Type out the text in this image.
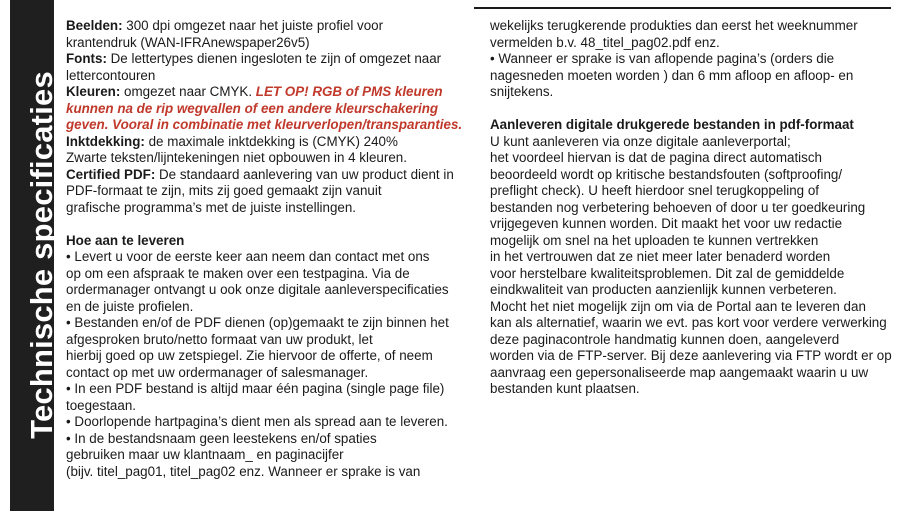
Technische specificaties
Beelden: 300 dpi omgezet naar het juiste profiel voor
krantendruk (WAN-IFRAnewspaper26v5)
Fonts: De lettertypes dienen ingesloten te zijn of omgezet naar
lettercontouren
Kleuren: omgezet naar CMYK. LET OP! RGB of PMS kleuren
kunnen na de rip wegvallen of een andere kleurschakering
geven. Vooral in combinatie met kleurverlopen/transparanties.
Inktdekking: de maximale inktdekking is (CMYK) 240%
Zwarte teksten/lijntekeningen niet opbouwen in 4 kleuren.
Certified PDF: De standaard aanlevering van uw product dient in
PDF-formaat te zijn, mits zij goed gemaakt zijn vanuit
grafische programma’s met de juiste instellingen.
Hoe aan te leveren
• Levert u voor de eerste keer aan neem dan contact met ons
op om een afspraak te maken over een testpagina. Via de
ordermanager ontvangt u ook onze digitale aanleverspecificaties
en de juiste profielen.
• Bestanden en/of de PDF dienen (op)gemaakt te zijn binnen het
afgesproken bruto/netto formaat van uw produkt, let
hierbij goed op uw zetspiegel. Zie hiervoor de offerte, of neem
contact op met uw ordermanager of salesmanager.
• In een PDF bestand is altijd maar één pagina (single page file)
toegestaan.
• Doorlopende hartpagina’s dient men als spread aan te leveren.
• In de bestandsnaam geen leestekens en/of spaties
gebruiken maar uw klantnaam_ en paginacijfer
(bijv. titel_pag01, titel_pag02 enz. Wanneer er sprake is van
wekelijks terugkerende produkties dan eerst het weeknummer
vermelden b.v. 48_titel_pag02.pdf enz.
• Wanneer er sprake is van aflopende pagina’s (orders die
nagesneden moeten worden ) dan 6 mm afloop en afloop- en
snijtekens.
Aanleveren digitale drukgerede bestanden in pdf-formaat
U kunt aanleveren via onze digitale aanleverportal;
het voordeel hiervan is dat de pagina direct automatisch
beoordeeld wordt op kritische bestandsfouten (softproofing/
preflight check). U heeft hierdoor snel terugkoppeling of
bestanden nog verbetering behoeven of door u ter goedkeuring
vrijgegeven kunnen worden. Dit maakt het voor uw redactie
mogelijk om snel na het uploaden te kunnen vertrekken
in het vertrouwen dat ze niet meer later benaderd worden
voor herstelbare kwaliteitsproblemen. Dit zal de gemiddelde
eindkwaliteit van producten aanzienlijk kunnen verbeteren.
Mocht het niet mogelijk zijn om via de Portal aan te leveren dan
kan als alternatief, waarin we evt. pas kort voor verdere verwerking
deze paginacontrole handmatig kunnen doen, aangeleverd
worden via de FTP-server. Bij deze aanlevering via FTP wordt er op
aanvraag een gepersonaliseerde map aangemaakt waarin u uw
bestanden kunt plaatsen.
